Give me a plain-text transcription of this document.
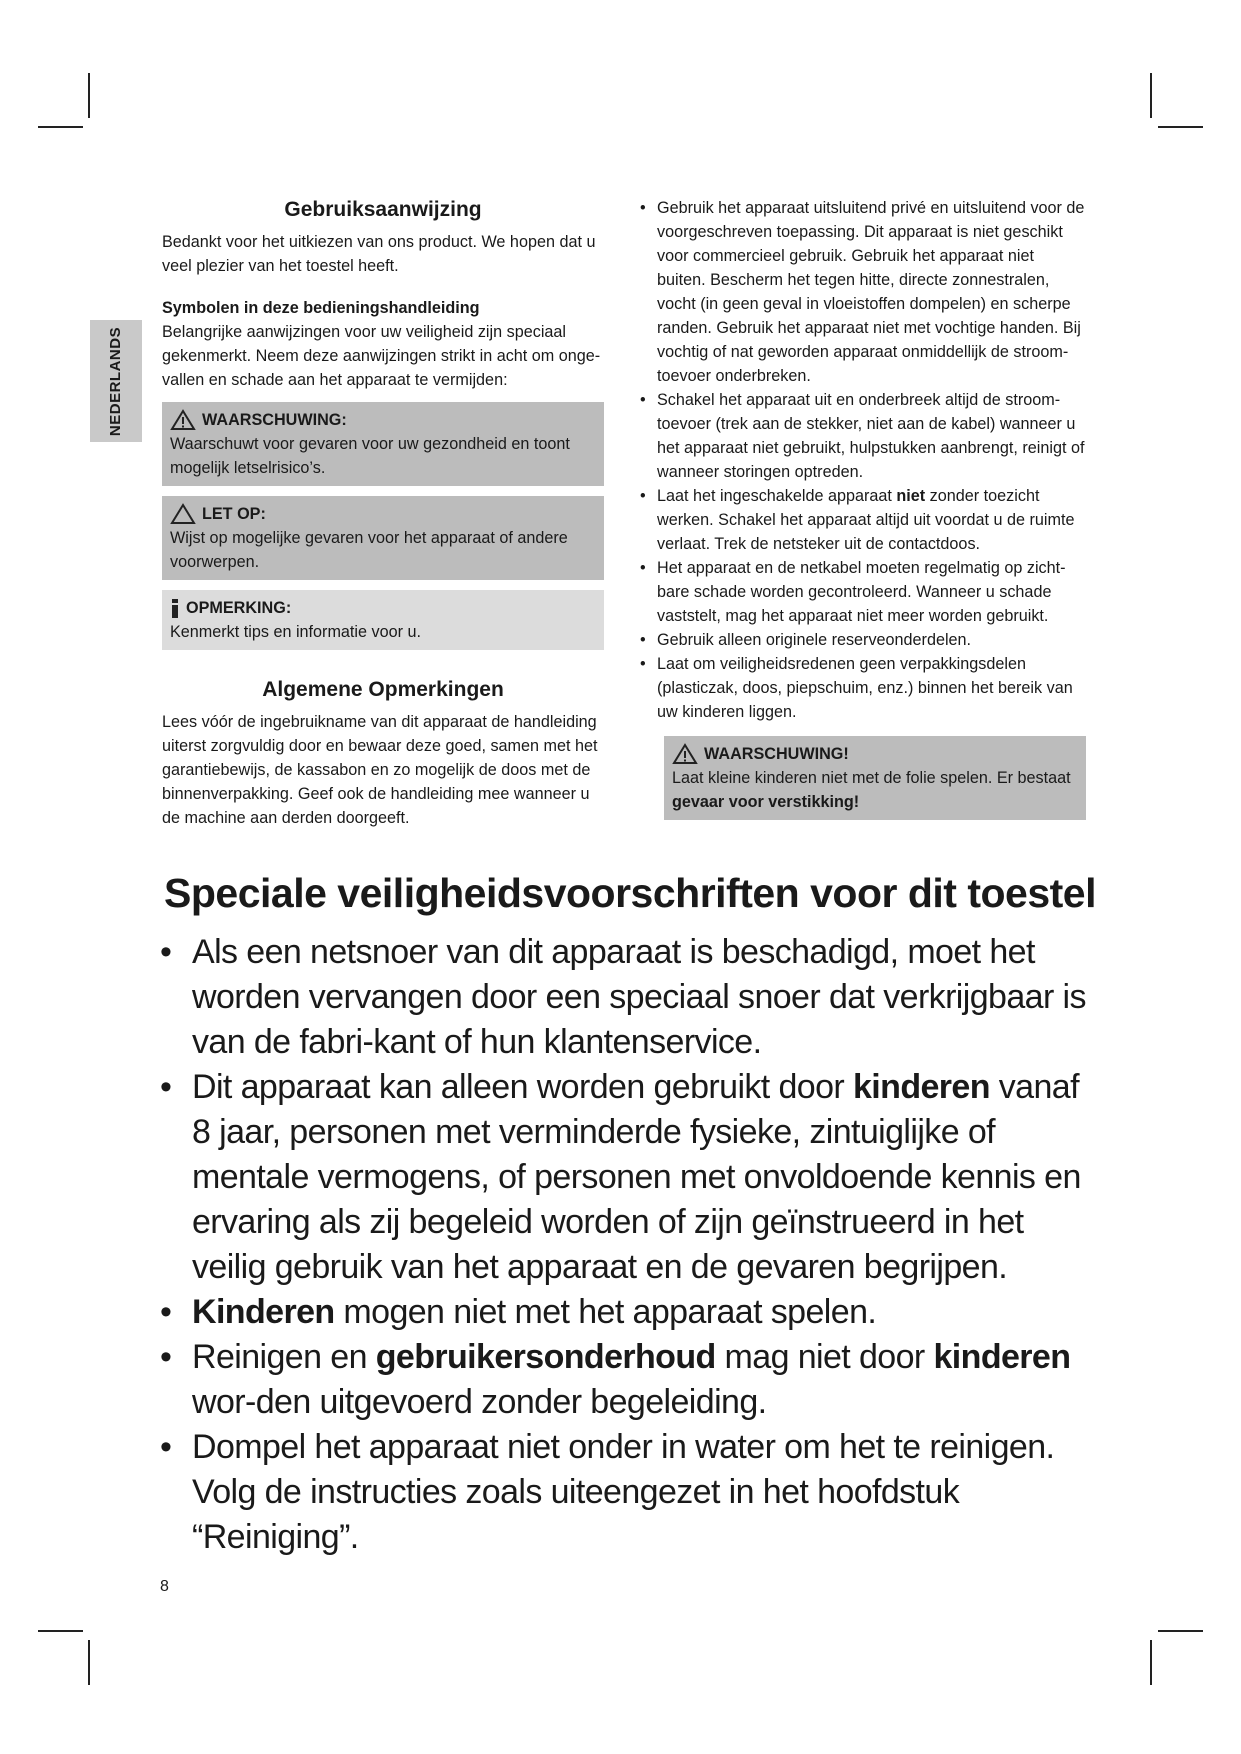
NEDERLANDS
Gebruiksaanwijzing

Bedankt voor het uitkiezen van ons product. We hopen dat u veel plezier van het toestel heeft.

Symbolen in deze bedieningshandleiding

Belangrijke aanwijzingen voor uw veiligheid zijn speciaal gekenmerkt. Neem deze aanwijzingen strikt in acht om onge-vallen en schade aan het apparaat te vermijden:

WAARSCHUWING:

Waarschuwt voor gevaren voor uw gezondheid en toont mogelijk letselrisico’s.

LET OP:

Wijst op mogelijke gevaren voor het apparaat of andere voorwerpen.

OPMERKING:

Kenmerkt tips en informatie voor u.

Algemene Opmerkingen

Lees vóór de ingebruikname van dit apparaat de handleiding uiterst zorgvuldig door en bewaar deze goed, samen met het garantiebewijs, de kassabon en zo mogelijk de doos met de binnenverpakking. Geef ook de handleiding mee wanneer u de machine aan derden doorgeeft.

• Gebruik het apparaat uitsluitend privé en uitsluitend voor de voorgeschreven toepassing. Dit apparaat is niet geschikt voor commercieel gebruik. Gebruik het apparaat niet buiten. Bescherm het tegen hitte, directe zonnestralen, vocht (in geen geval in vloeistoffen dompelen) en scherpe randen. Gebruik het apparaat niet met vochtige handen. Bij vochtig of nat geworden apparaat onmiddellijk de stroom-toevoer onderbreken.
• Schakel het apparaat uit en onderbreek altijd de stroom-toevoer (trek aan de stekker, niet aan de kabel) wanneer u het apparaat niet gebruikt, hulpstukken aanbrengt, reinigt of wanneer storingen optreden.
• Laat het ingeschakelde apparaat niet zonder toezicht werken. Schakel het apparaat altijd uit voordat u de ruimte verlaat. Trek de netsteker uit de contactdoos.
• Het apparaat en de netkabel moeten regelmatig op zicht-bare schade worden gecontroleerd. Wanneer u schade vaststelt, mag het apparaat niet meer worden gebruikt.
• Gebruik alleen originele reserveonderdelen.
• Laat om veiligheidsredenen geen verpakkingsdelen (plasticzak, doos, piepschuim, enz.) binnen het bereik van uw kinderen liggen.
WAARSCHUWING!

Laat kleine kinderen niet met de folie spelen. Er bestaat gevaar voor verstikking!

Speciale veiligheidsvoorschriften voor dit toestel
• Als een netsnoer van dit apparaat is beschadigd, moet het worden vervangen door een speciaal snoer dat verkrijgbaar is van de fabri-kant of hun klantenservice.
• Dit apparaat kan alleen worden gebruikt door kinderen vanaf 8 jaar, personen met verminderde fysieke, zintuiglijke of mentale vermogens, of personen met onvoldoende kennis en ervaring als zij begeleid worden of zijn geïnstrueerd in het veilig gebruik van het apparaat en de gevaren begrijpen.
• Kinderen mogen niet met het apparaat spelen.
• Reinigen en gebruikersonderhoud mag niet door kinderen wor-den uitgevoerd zonder begeleiding.
• Dompel het apparaat niet onder in water om het te reinigen. Volg de instructies zoals uiteengezet in het hoofdstuk “Reiniging”.
8
